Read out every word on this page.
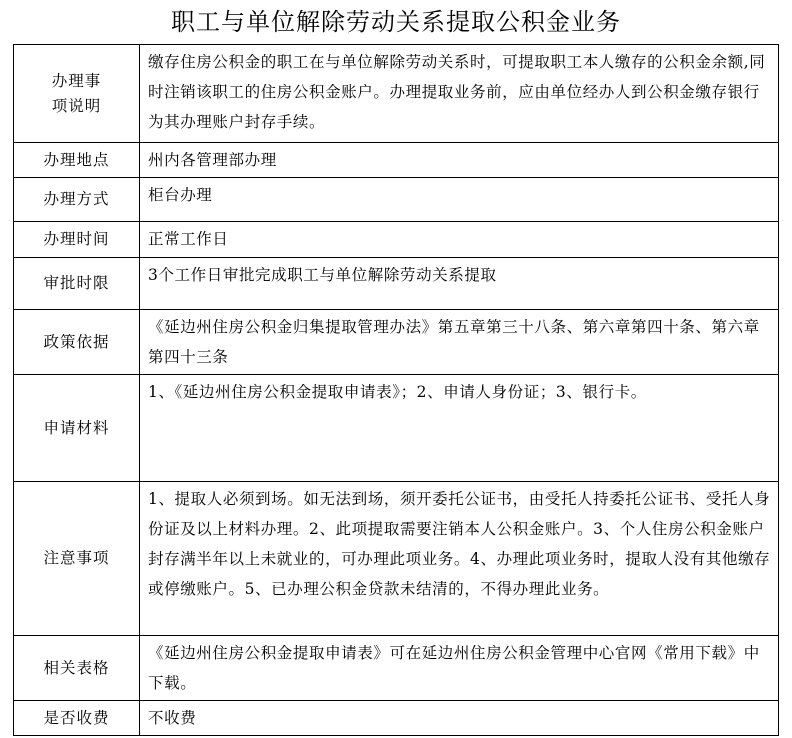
职工与单位解除劳动关系提取公积金业务
办理事项说明	缴存住房公积金的职工在与单位解除劳动关系时，可提取职工本人缴存的公积金余额,同时注销该职工的住房公积金账户。办理提取业务前，应由单位经办人到公积金缴存银行为其办理账户封存手续。
办理地点	州内各管理部办理
办理方式	柜台办理
办理时间	正常工作日
审批时限	3个工作日审批完成职工与单位解除劳动关系提取
政策依据	《延边州住房公积金归集提取管理办法》第五章第三十八条、第六章第四十条、第六章第四十三条
申请材料	1、《延边州住房公积金提取申请表》；2、申请人身份证；3、银行卡。
注意事项	1、提取人必须到场。如无法到场，须开委托公证书，由受托人持委托公证书、受托人身份证及以上材料办理。2、此项提取需要注销本人公积金账户。3、个人住房公积金账户封存满半年以上未就业的，可办理此项业务。4、办理此项业务时，提取人没有其他缴存或停缴账户。5、已办理公积金贷款未结清的，不得办理此业务。
相关表格	《延边州住房公积金提取申请表》可在延边州住房公积金管理中心官网《常用下载》中下载。
是否收费	不收费
